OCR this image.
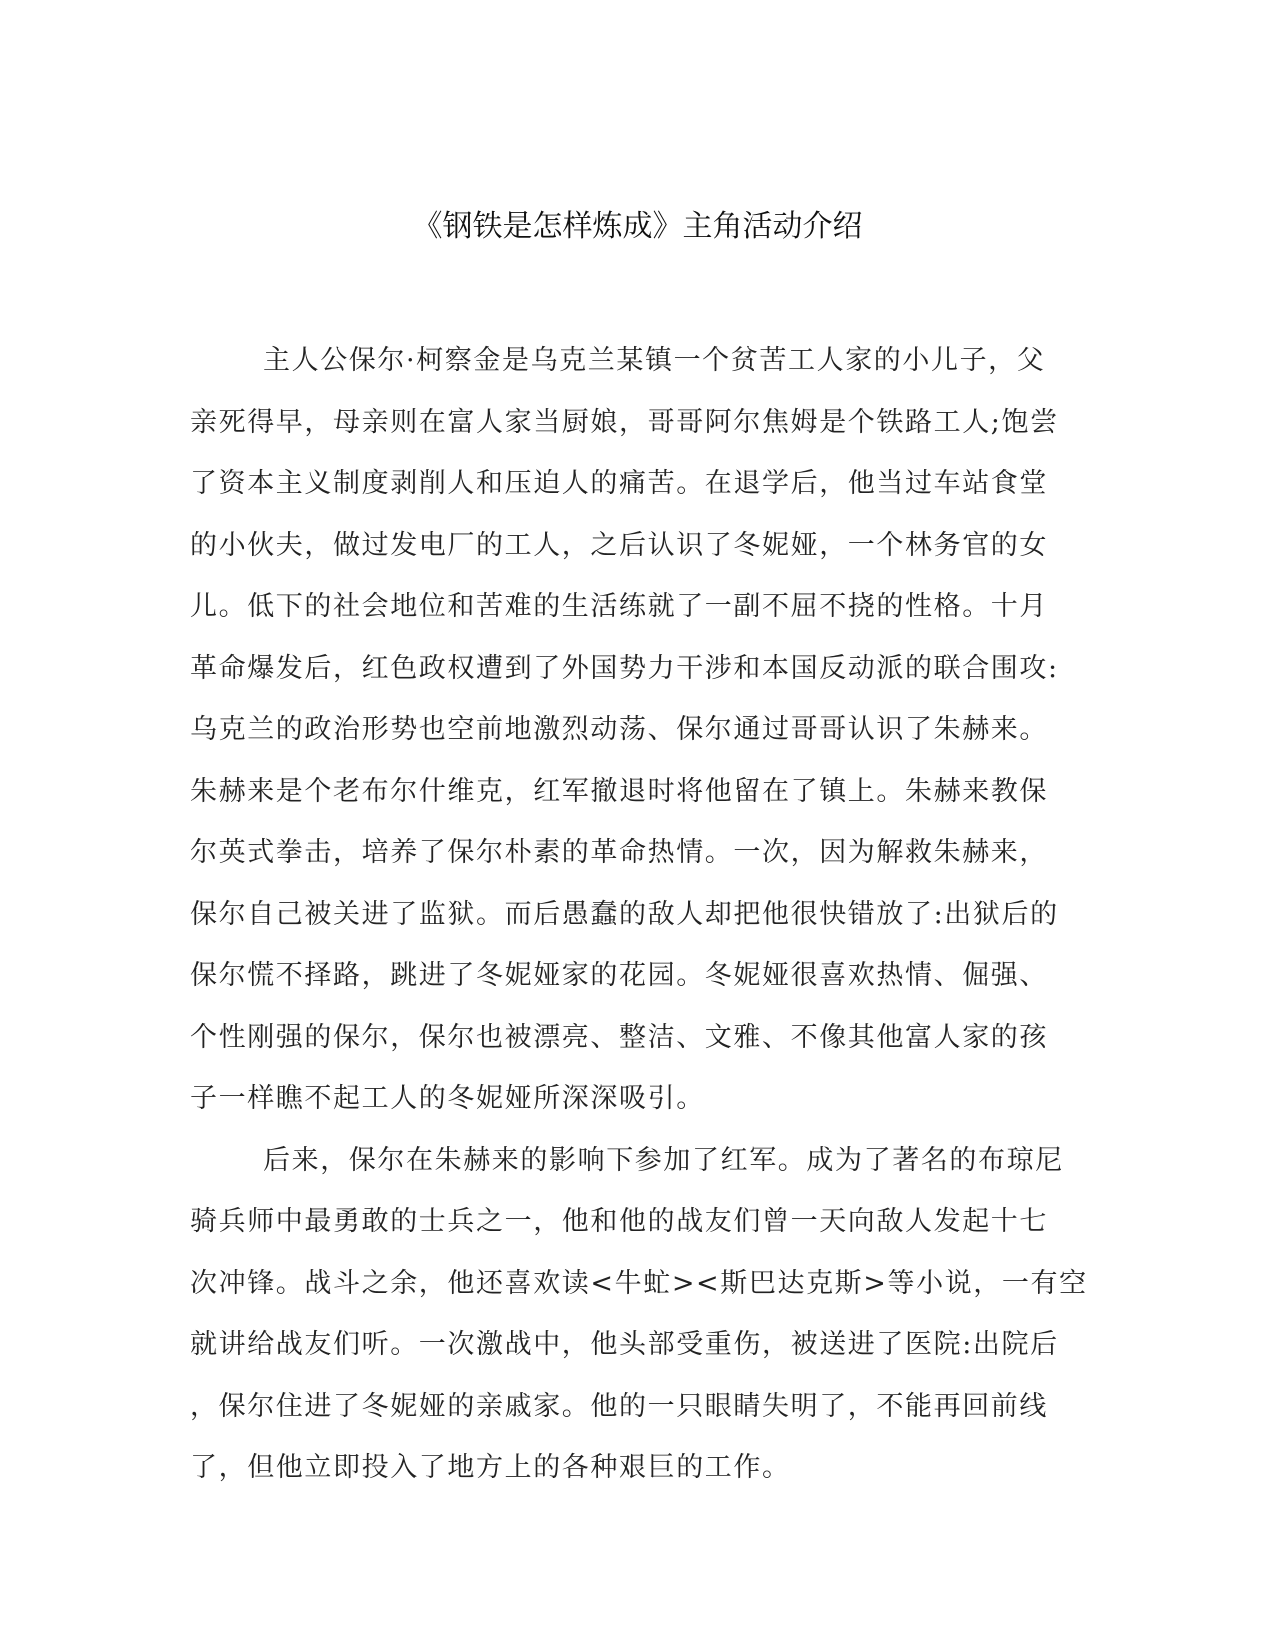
《钢铁是怎样炼成》主角活动介绍
主人公保尔·柯察金是乌克兰某镇一个贫苦工人家的小儿子，父
亲死得早，母亲则在富人家当厨娘，哥哥阿尔焦姆是个铁路工人;饱尝
了资本主义制度剥削人和压迫人的痛苦。在退学后，他当过车站食堂
的小伙夫，做过发电厂的工人，之后认识了冬妮娅，一个林务官的女
儿。低下的社会地位和苦难的生活练就了一副不屈不挠的性格。十月
革命爆发后，红色政权遭到了外国势力干涉和本国反动派的联合围攻:
乌克兰的政治形势也空前地激烈动荡、保尔通过哥哥认识了朱赫来。
朱赫来是个老布尔什维克，红军撤退时将他留在了镇上。朱赫来教保
尔英式拳击，培养了保尔朴素的革命热情。一次，因为解救朱赫来，
保尔自己被关进了监狱。而后愚蠢的敌人却把他很快错放了:出狱后的
保尔慌不择路，跳进了冬妮娅家的花园。冬妮娅很喜欢热情、倔强、
个性刚强的保尔，保尔也被漂亮、整洁、文雅、不像其他富人家的孩
子一样瞧不起工人的冬妮娅所深深吸引。
后来，保尔在朱赫来的影响下参加了红军。成为了著名的布琼尼
骑兵师中最勇敢的士兵之一，他和他的战友们曾一天向敌人发起十七
次冲锋。战斗之余，他还喜欢读<牛虻><斯巴达克斯>等小说，一有空
就讲给战友们听。一次激战中，他头部受重伤，被送进了医院:出院后
，保尔住进了冬妮娅的亲戚家。他的一只眼睛失明了，不能再回前线
了，但他立即投入了地方上的各种艰巨的工作。
